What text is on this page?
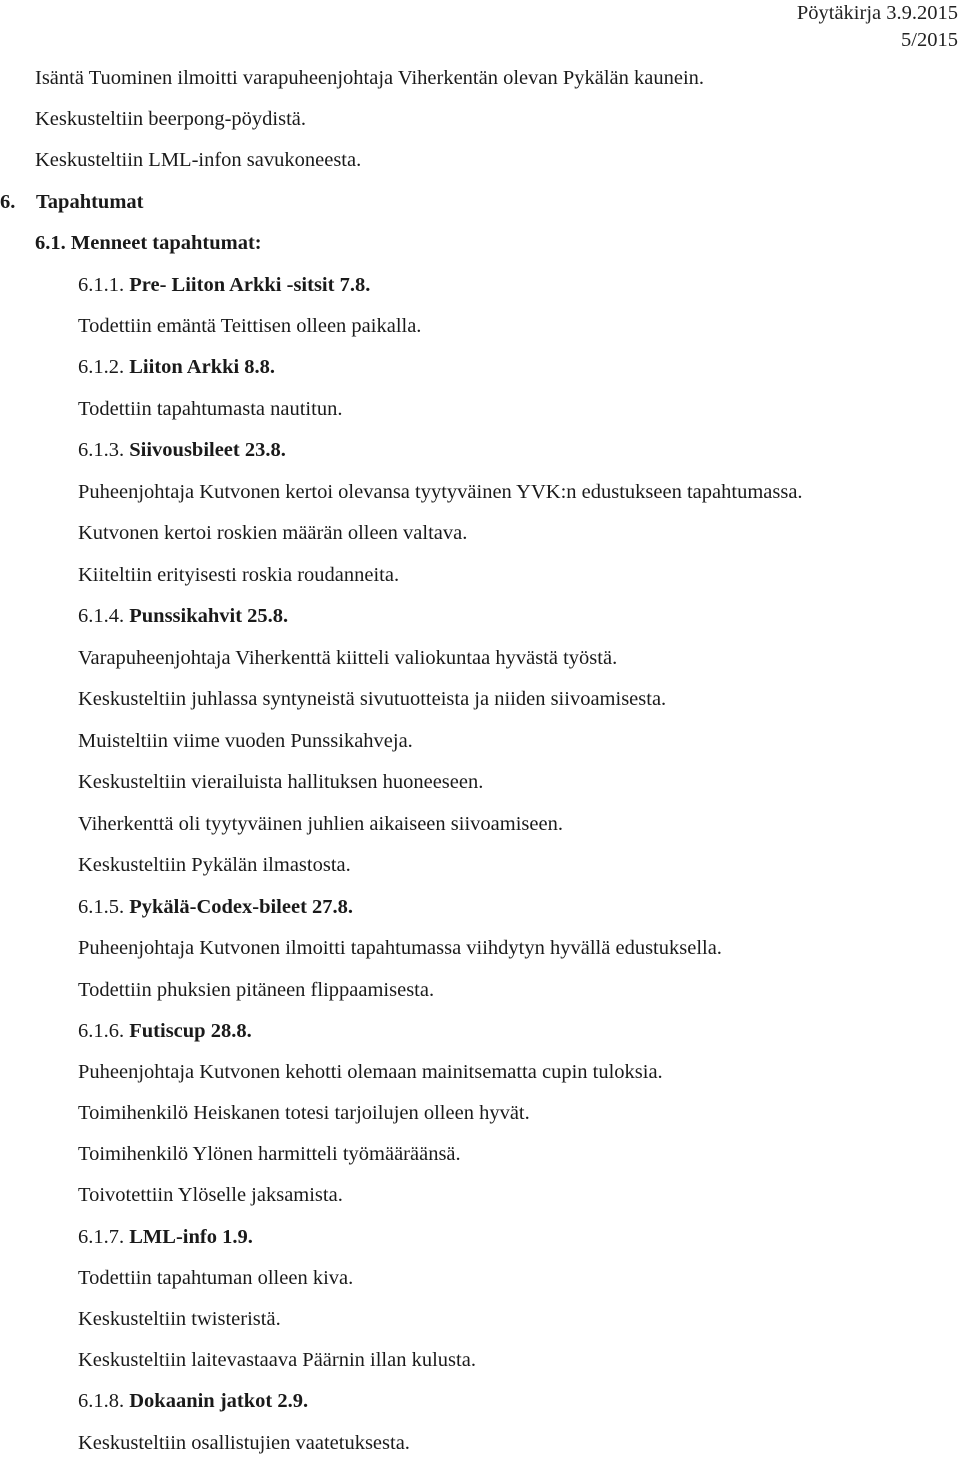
Pöytäkirja 3.9.2015
5/2015
Isäntä Tuominen ilmoitti varapuheenjohtaja Viherkentän olevan Pykälän kaunein.
Keskusteltiin beerpong-pöydistä.
Keskusteltiin LML-infon savukoneesta.
6. Tapahtumat
6.1. Menneet tapahtumat:
6.1.1. Pre- Liiton Arkki -sitsit 7.8.
Todettiin emäntä Teittisen olleen paikalla.
6.1.2. Liiton Arkki 8.8.
Todettiin tapahtumasta nautitun.
6.1.3. Siivousbileet 23.8.
Puheenjohtaja Kutvonen kertoi olevansa tyytyväinen YVK:n edustukseen tapahtumassa.
Kutvonen kertoi roskien määrän olleen valtava.
Kiiteltiin erityisesti roskia roudanneita.
6.1.4. Punssikahvit 25.8.
Varapuheenjohtaja Viherkenttä kiitteli valiokuntaa hyvästä työstä.
Keskusteltiin juhlassa syntyneistä sivutuotteista ja niiden siivoamisesta.
Muisteltiin viime vuoden Punssikahveja.
Keskusteltiin vierailuista hallituksen huoneeseen.
Viherkenttä oli tyytyväinen juhlien aikaiseen siivoamiseen.
Keskusteltiin Pykälän ilmastosta.
6.1.5. Pykälä-Codex-bileet 27.8.
Puheenjohtaja Kutvonen ilmoitti tapahtumassa viihdytyn hyvällä edustuksella.
Todettiin phuksien pitäneen flippaamisesta.
6.1.6. Futiscup 28.8.
Puheenjohtaja Kutvonen kehotti olemaan mainitsematta cupin tuloksia.
Toimihenkilö Heiskanen totesi tarjoilujen olleen hyvät.
Toimihenkilö Ylönen harmitteli työmääräänsä.
Toivotettiin Ylöselle jaksamista.
6.1.7. LML-info 1.9.
Todettiin tapahtuman olleen kiva.
Keskusteltiin twisteristä.
Keskusteltiin laitevastaava Päärnin illan kulusta.
6.1.8. Dokaanin jatkot 2.9.
Keskusteltiin osallistujien vaatetuksesta.
